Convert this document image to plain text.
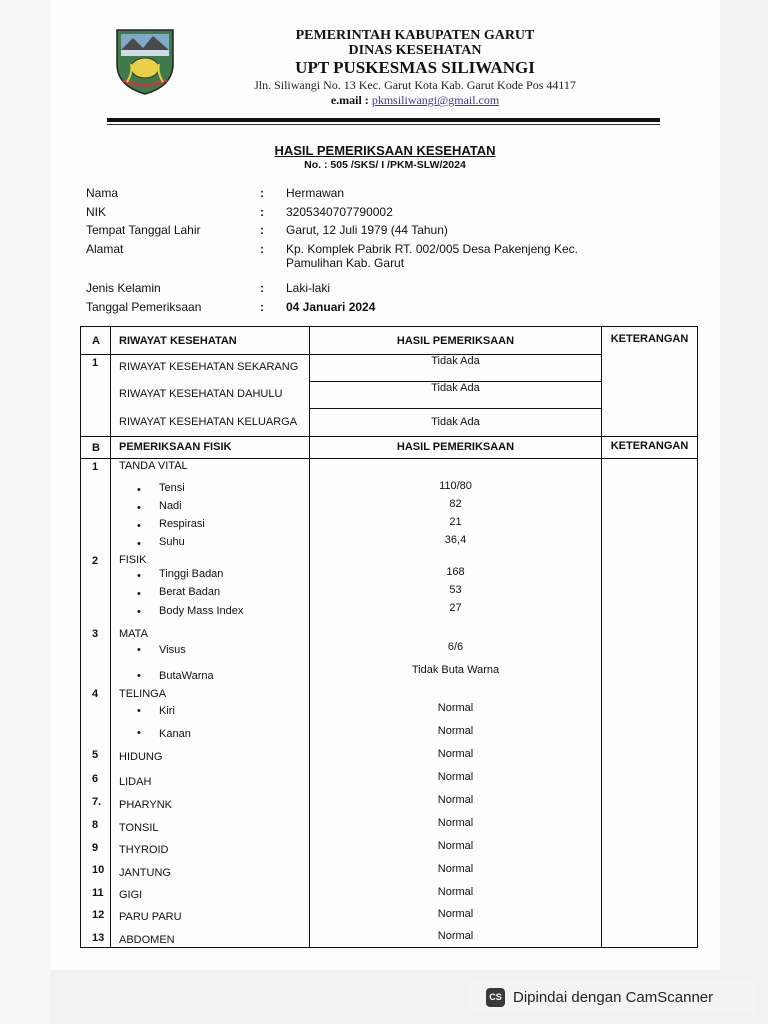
PEMERINTAH KABUPATEN GARUT
DINAS KESEHATAN
UPT PUSKESMAS SILIWANGI
Jln. Siliwangi No. 13 Kec. Garut Kota Kab. Garut Kode Pos 44117
e.mail : pkmsiliwangi@gmail.com
HASIL PEMERIKSAAN KESEHATAN
No. : 505 /SKS/ I /PKM-SLW/2024
Nama	: Hermawan
NIK	: 3205340707790002
Tempat Tanggal Lahir	: Garut, 12 Juli 1979 (44 Tahun)
Alamat	: Kp. Komplek Pabrik RT. 002/005 Desa Pakenjeng Kec.
Pamulihan Kab. Garut
Jenis Kelamin	: Laki-laki
Tanggal Pemeriksaan	: 04 Januari 2024
A RIWAYAT KESEHATAN	HASIL PEMERIKSAAN	KETERANGAN
1 RIWAYAT KESEHATAN SEKARANG	Tidak Ada
RIWAYAT KESEHATAN DAHULU	Tidak Ada
RIWAYAT KESEHATAN KELUARGA	Tidak Ada
B PEMERIKSAAN FISIK	HASIL PEMERIKSAAN	KETERANGAN
1 TANDA VITAL
• Tensi	110/80
• Nadi	82
• Respirasi	21
• Suhu	36,4
2 FISIK
• Tinggi Badan	168
• Berat Badan	53
• Body Mass Index	27
3 MATA
• Visus	6/6
• ButaWarna	Tidak Buta Warna
4 TELINGA
• Kiri	Normal
• Kanan	Normal
5 HIDUNG	Normal
6 LIDAH	Normal
7. PHARYNK	Normal
8 TONSIL	Normal
9 THYROID	Normal
10 JANTUNG	Normal
11 GIGI	Normal
12 PARU PARU	Normal
13 ABDOMEN	Normal
CS Dipindai dengan CamScanner
